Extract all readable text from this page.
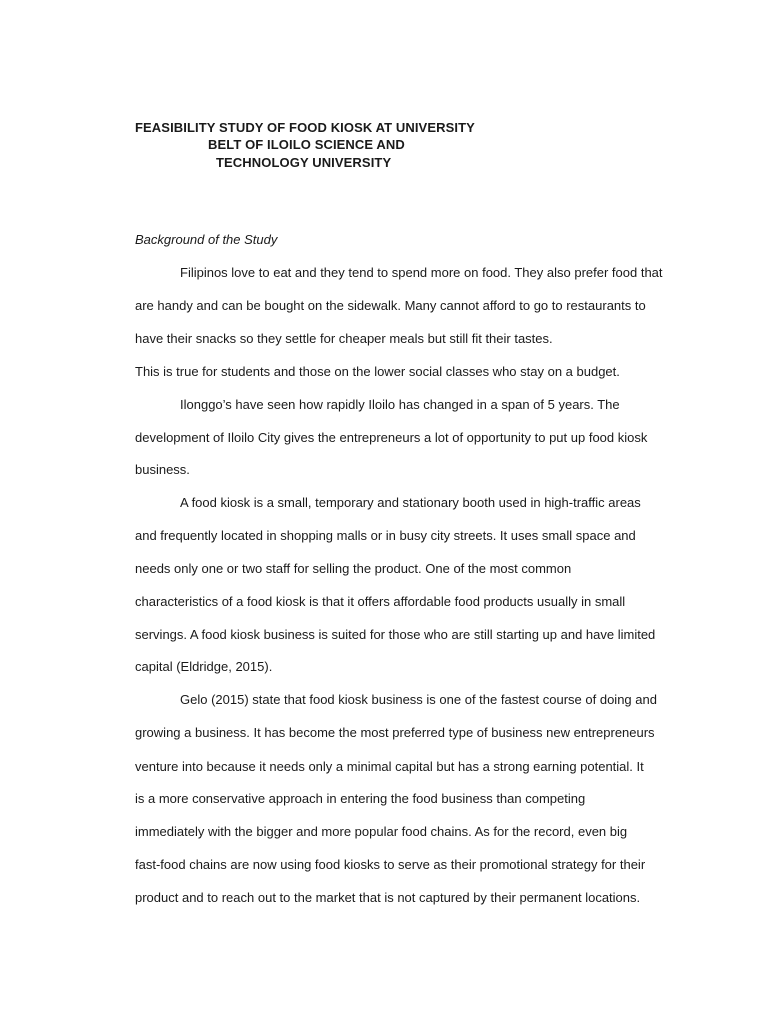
FEASIBILITY STUDY OF FOOD KIOSK AT UNIVERSITY
BELT OF ILOILO SCIENCE AND
TECHNOLOGY UNIVERSITY
Background of the Study
Filipinos love to eat and they tend to spend more on food. They also prefer food that
are handy and can be bought on the sidewalk. Many cannot afford to go to restaurants to
have their snacks so they settle for cheaper meals but still fit their tastes.
This is true for students and those on the lower social classes who stay on a budget.
Ilonggo’s have seen how rapidly Iloilo has changed in a span of 5 years. The
development of Iloilo City gives the entrepreneurs a lot of opportunity to put up food kiosk
business.
A food kiosk is a small, temporary and stationary booth used in high-traffic areas
and frequently located in shopping malls or in busy city streets. It uses small space and
needs only one or two staff for selling the product. One of the most common
characteristics of a food kiosk is that it offers affordable food products usually in small
servings. A food kiosk business is suited for those who are still starting up and have limited
capital (Eldridge, 2015).
Gelo (2015) state that food kiosk business is one of the fastest course of doing and
growing a business. It has become the most preferred type of business new entrepreneurs
venture into because it needs only a minimal capital but has a strong earning potential. It
is a more conservative approach in entering the food business than competing
immediately with the bigger and more popular food chains. As for the record, even big
fast-food chains are now using food kiosks to serve as their promotional strategy for their
product and to reach out to the market that is not captured by their permanent locations.
